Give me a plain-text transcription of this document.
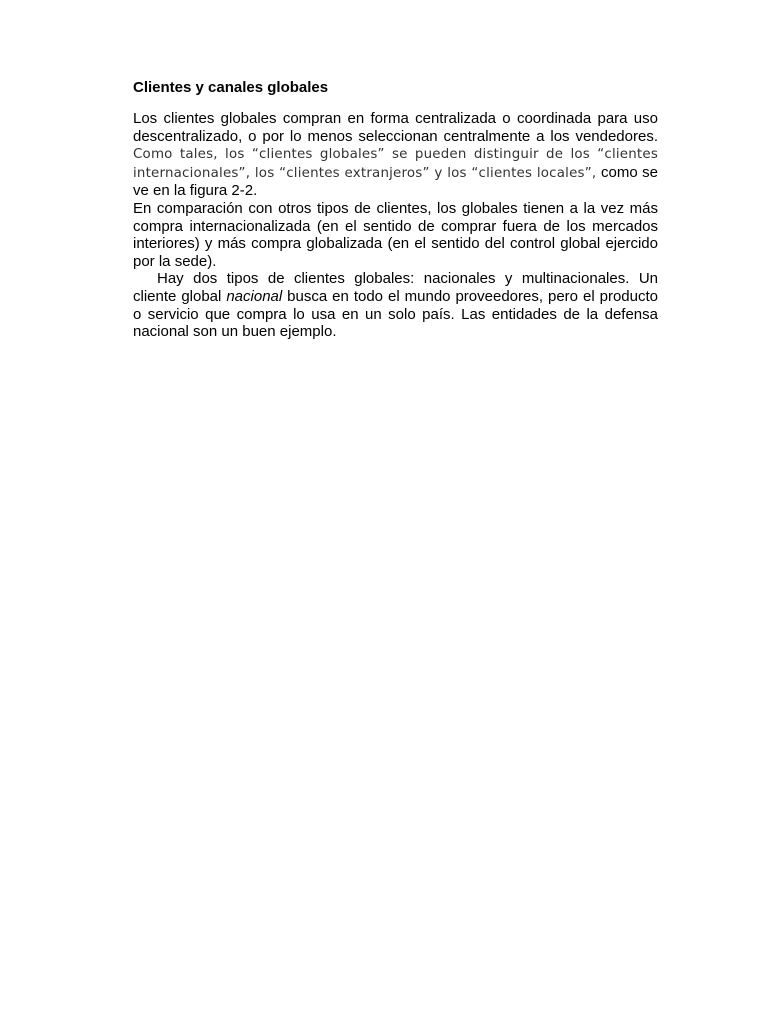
Clientes y canales globales

Los clientes globales compran en forma centralizada o coordinada para uso descentralizado, o por lo menos seleccionan centralmente a los vendedores. Como tales, los “clientes globales” se pueden distinguir de los “clientes internacionales”, los “clientes extranjeros” y los “clientes locales”, como se ve en la figura 2-2.

En comparación con otros tipos de clientes, los globales tienen a la vez más compra internacionalizada (en el sentido de comprar fuera de los mercados interiores) y más compra globalizada (en el sentido del control global ejercido por la sede).

Hay dos tipos de clientes globales: nacionales y multinacionales. Un cliente global nacional busca en todo el mundo proveedores, pero el producto o servicio que compra lo usa en un solo país. Las entidades de la defensa nacional son un buen ejemplo.
